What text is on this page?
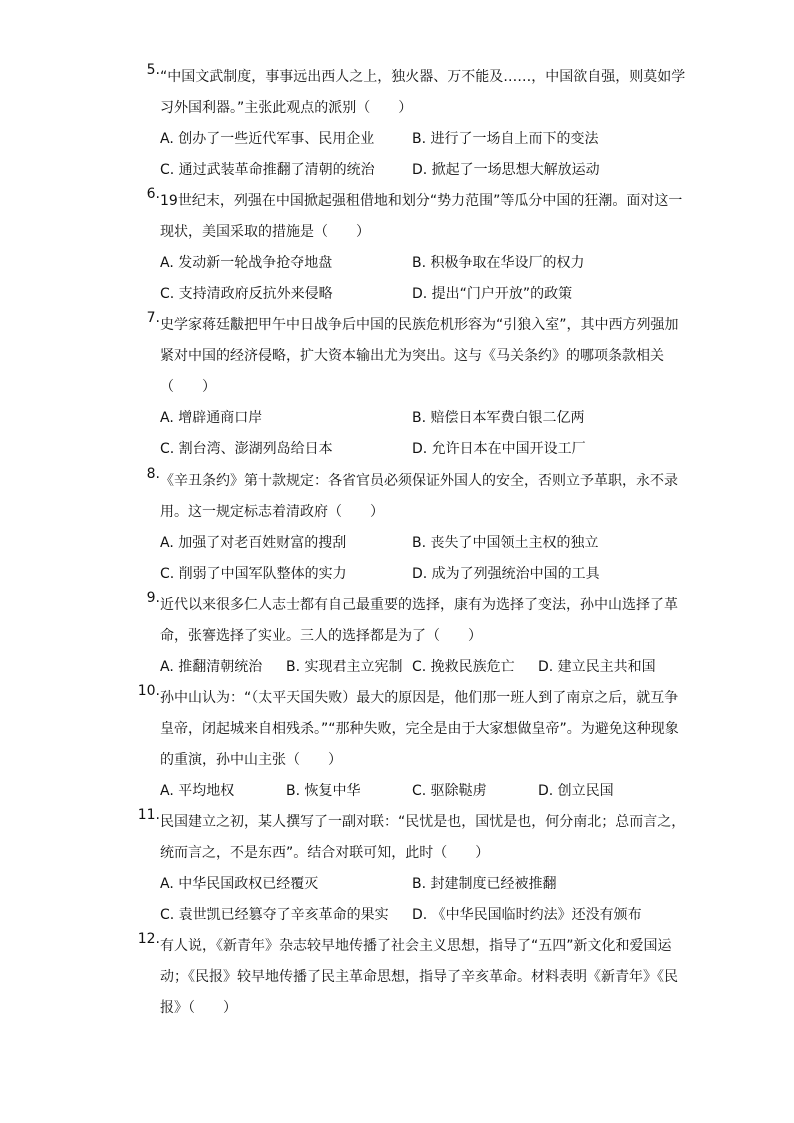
5. “中国文武制度，事事远出西人之上，独火器、万不能及……，中国欲自强，则莫如学习外国利器。”主张此观点的派别（　　）
A. 创办了一些近代军事、民用企业	B. 进行了一场自上而下的变法
C. 通过武装革命推翻了清朝的统治	D. 掀起了一场思想大解放运动
6. 19世纪末，列强在中国掀起强租借地和划分“势力范围”等瓜分中国的狂潮。面对这一现状，美国采取的措施是（　　）
A. 发动新一轮战争抢夺地盘	B. 积极争取在华设厂的权力
C. 支持清政府反抗外来侵略	D. 提出“门户开放”的政策
7. 史学家蒋廷黻把甲午中日战争后中国的民族危机形容为“引狼入室”，其中西方列强加紧对中国的经济侵略，扩大资本输出尤为突出。这与《马关条约》的哪项条款相关（　　）
A. 增辟通商口岸	B. 赔偿日本军费白银二亿两
C. 割台湾、澎湖列岛给日本	D. 允许日本在中国开设工厂
8. 《辛丑条约》第十款规定：各省官员必须保证外国人的安全，否则立予革职，永不录用。这一规定标志着清政府（　　）
A. 加强了对老百姓财富的搜刮	B. 丧失了中国领土主权的独立
C. 削弱了中国军队整体的实力	D. 成为了列强统治中国的工具
9. 近代以来很多仁人志士都有自己最重要的选择，康有为选择了变法，孙中山选择了革命，张謇选择了实业。三人的选择都是为了（　　）
A. 推翻清朝统治	B. 实现君主立宪制 C. 挽救民族危亡	D. 建立民主共和国
10. 孙中山认为：“（太平天国失败）最大的原因是，他们那一班人到了南京之后，就互争皇帝，闭起城来自相残杀。”“那种失败，完全是由于大家想做皇帝”。为避免这种现象的重演，孙中山主张（　　）
A. 平均地权	B. 恢复中华	C. 驱除鞑虏	D. 创立民国
11. 民国建立之初，某人撰写了一副对联：“民忧是也，国忧是也，何分南北；总而言之，统而言之，不是东西”。结合对联可知，此时（　　）
A. 中华民国政权已经覆灭	B. 封建制度已经被推翻
C. 袁世凯已经篡夺了辛亥革命的果实	D. 《中华民国临时约法》还没有颁布
12. 有人说，《新青年》杂志较早地传播了社会主义思想，指导了“五四”新文化和爱国运动；《民报》较早地传播了民主革命思想，指导了辛亥革命。材料表明《新青年》《民报》（　　）
